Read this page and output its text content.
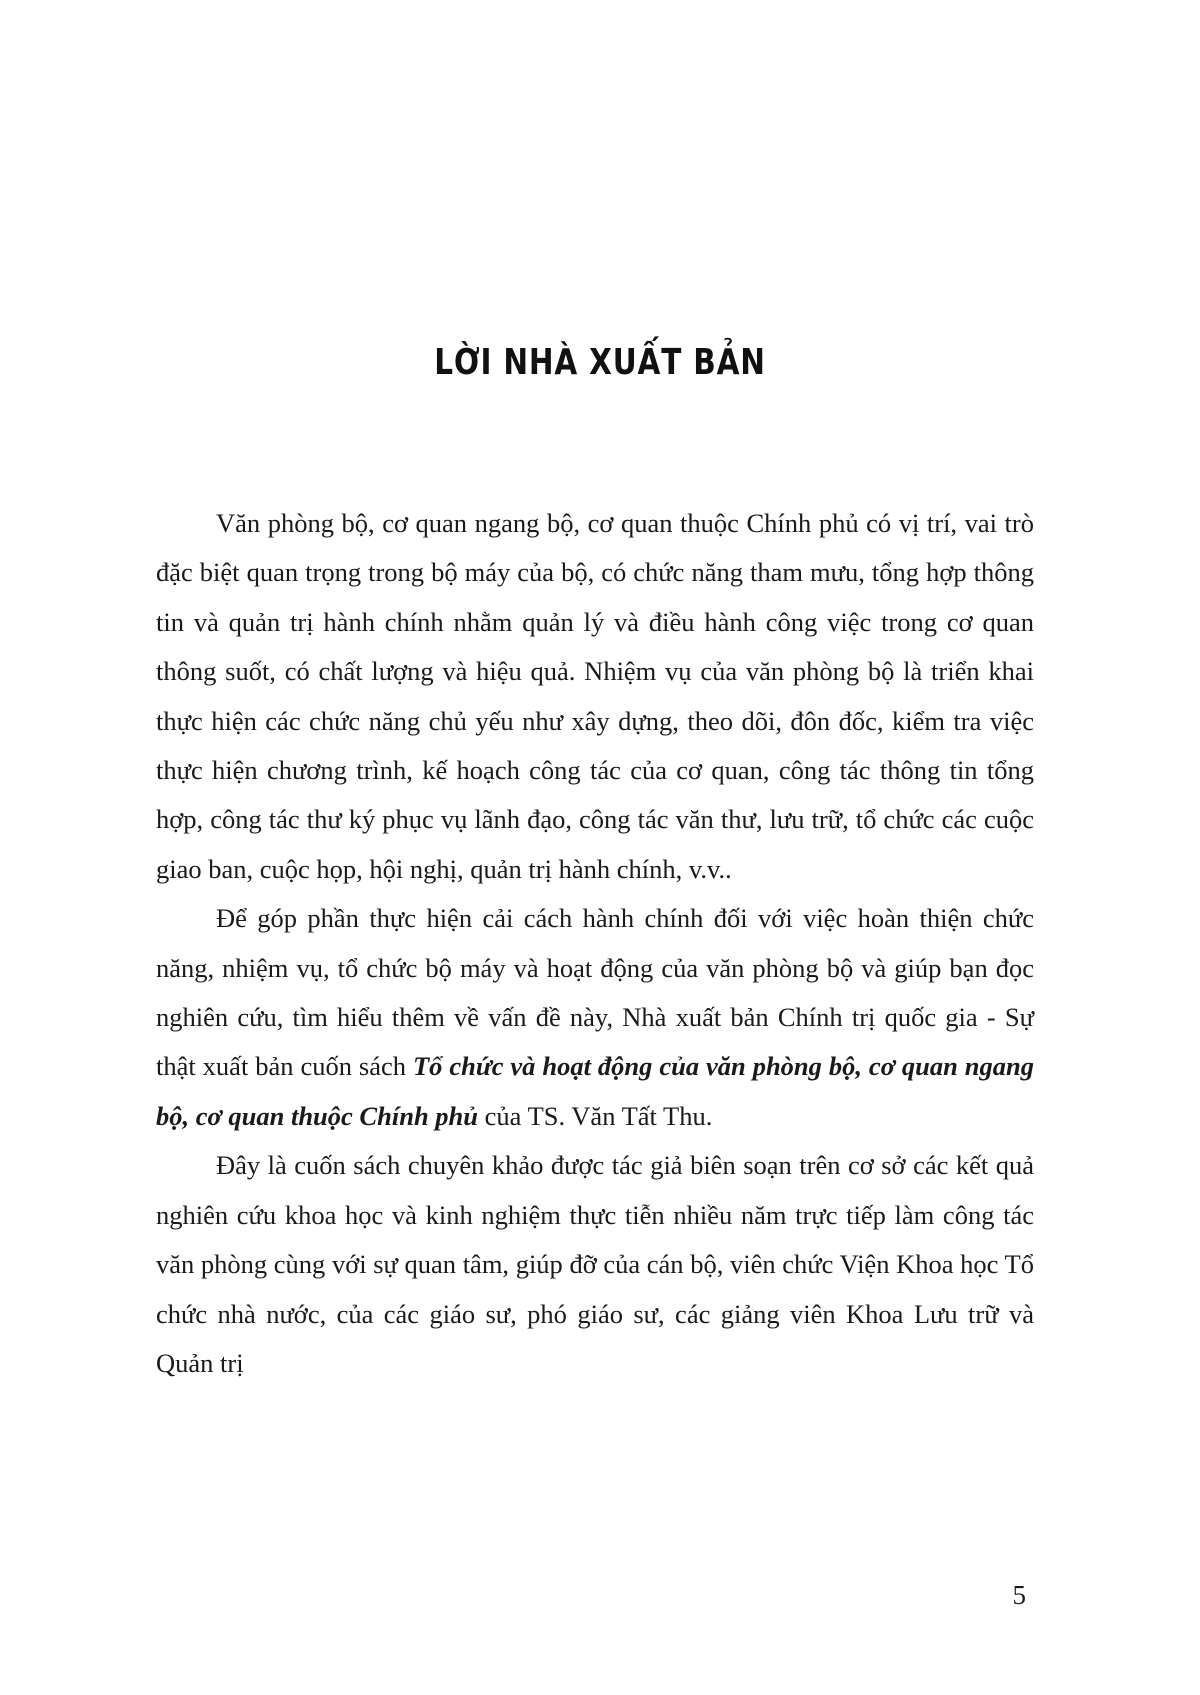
LỜI NHÀ XUẤT BẢN

Văn phòng bộ, cơ quan ngang bộ, cơ quan thuộc Chính phủ có vị trí, vai trò đặc biệt quan trọng trong bộ máy của bộ, có chức năng tham mưu, tổng hợp thông tin và quản trị hành chính nhằm quản lý và điều hành công việc trong cơ quan thông suốt, có chất lượng và hiệu quả. Nhiệm vụ của văn phòng bộ là triển khai thực hiện các chức năng chủ yếu như xây dựng, theo dõi, đôn đốc, kiểm tra việc thực hiện chương trình, kế hoạch công tác của cơ quan, công tác thông tin tổng hợp, công tác thư ký phục vụ lãnh đạo, công tác văn thư, lưu trữ, tổ chức các cuộc giao ban, cuộc họp, hội nghị, quản trị hành chính, v.v..

Để góp phần thực hiện cải cách hành chính đối với việc hoàn thiện chức năng, nhiệm vụ, tổ chức bộ máy và hoạt động của văn phòng bộ và giúp bạn đọc nghiên cứu, tìm hiểu thêm về vấn đề này, Nhà xuất bản Chính trị quốc gia - Sự thật xuất bản cuốn sách Tổ chức và hoạt động của văn phòng bộ, cơ quan ngang bộ, cơ quan thuộc Chính phủ của TS. Văn Tất Thu.

Đây là cuốn sách chuyên khảo được tác giả biên soạn trên cơ sở các kết quả nghiên cứu khoa học và kinh nghiệm thực tiễn nhiều năm trực tiếp làm công tác văn phòng cùng với sự quan tâm, giúp đỡ của cán bộ, viên chức Viện Khoa học Tổ chức nhà nước, của các giáo sư, phó giáo sư, các giảng viên Khoa Lưu trữ và Quản trị

5
